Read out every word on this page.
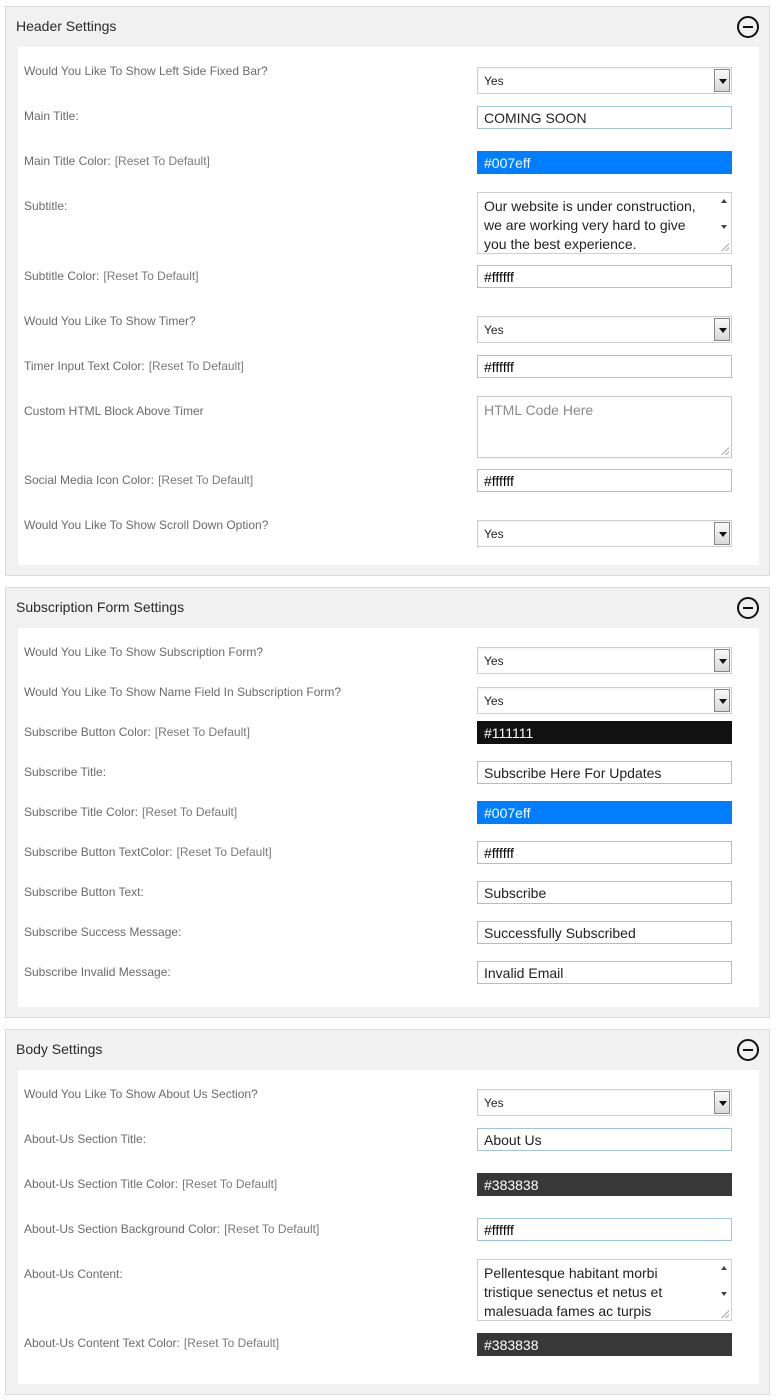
Header Settings
Would You Like To Show Left Side Fixed Bar?
Yes
Main Title:	COMING SOON
Main Title Color: [Reset To Default]	#007eff
Subtitle:	Our website is under construction, we are working very hard to give you the best experience.
Subtitle Color: [Reset To Default]	#ffffff
Would You Like To Show Timer?
Yes
Timer Input Text Color: [Reset To Default]	#ffffff
Custom HTML Block Above Timer	HTML Code Here
Social Media Icon Color: [Reset To Default]	#ffffff
Would You Like To Show Scroll Down Option?
Yes
Subscription Form Settings
Would You Like To Show Subscription Form?
Yes
Would You Like To Show Name Field In Subscription Form?
Yes
Subscribe Button Color: [Reset To Default]	#111111
Subscribe Title:	Subscribe Here For Updates
Subscribe Title Color: [Reset To Default]	#007eff
Subscribe Button TextColor: [Reset To Default]	#ffffff
Subscribe Button Text:	Subscribe
Subscribe Success Message:	Successfully Subscribed
Subscribe Invalid Message:	Invalid Email
Body Settings
Would You Like To Show About Us Section?
Yes
About-Us Section Title:	About Us
About-Us Section Title Color: [Reset To Default]	#383838
About-Us Section Background Color: [Reset To Default]	#ffffff
About-Us Content:	Pellentesque habitant morbi tristique senectus et netus et malesuada fames ac turpis
About-Us Content Text Color: [Reset To Default]	#383838
